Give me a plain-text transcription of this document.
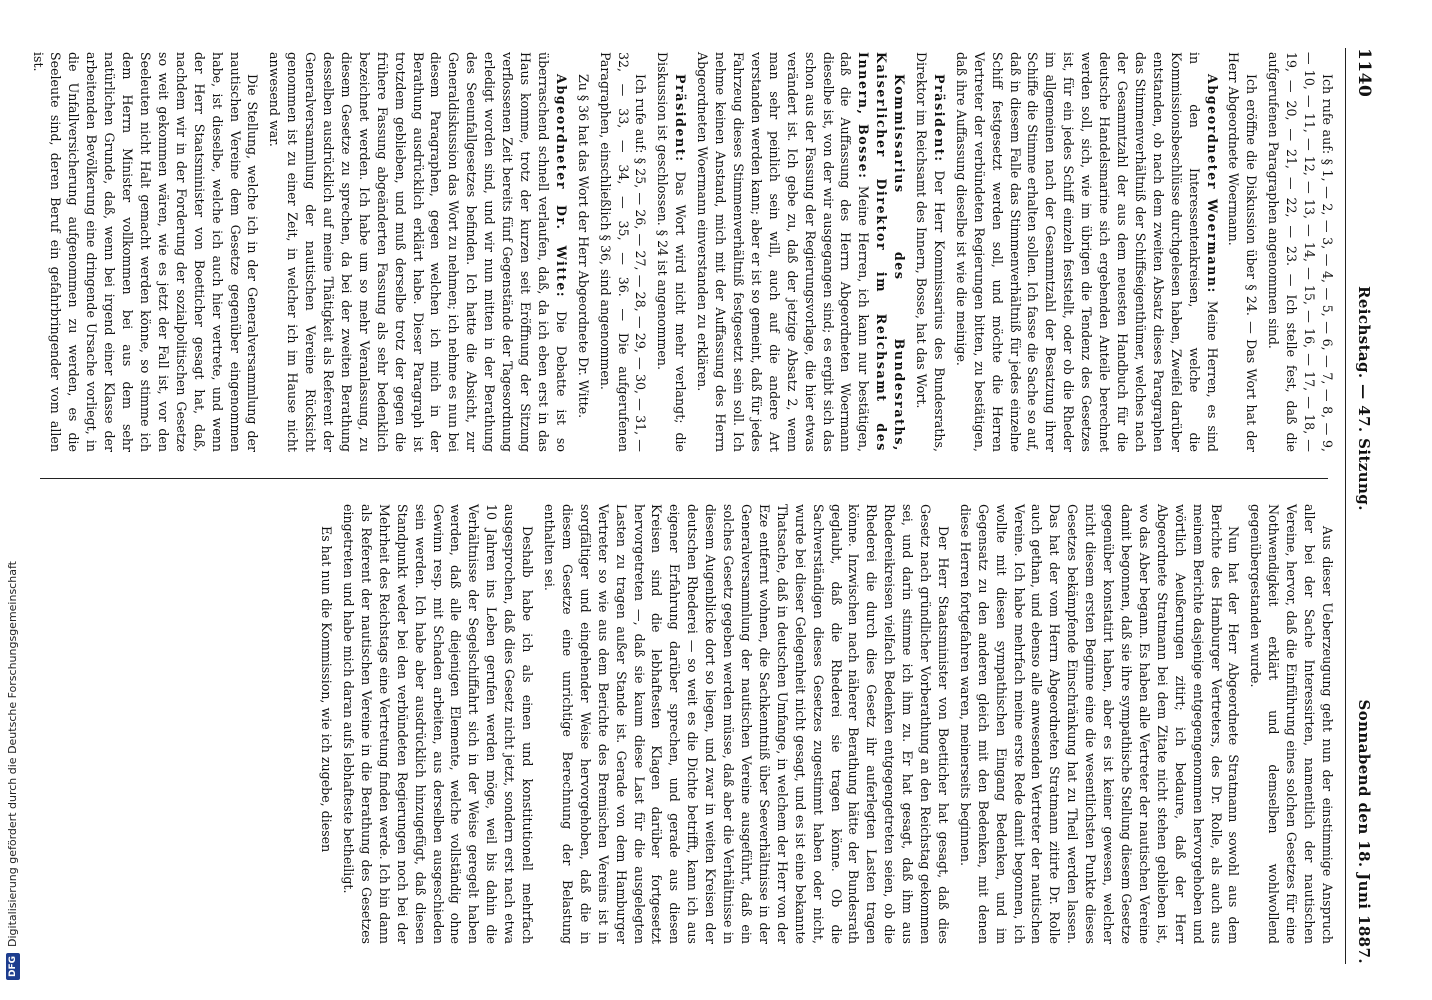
1140
Reichstag. — 47. Sitzung.
Sonnabend den 18. Juni 1887.

Ich rufe auf: § 1, — 2, — 3, — 4, — 5, — 6, — 7, — 8, — 9, — 10, — 11, — 12, — 13, — 14, — 15, — 16, — 17, — 18, — 19, — 20, — 21, — 22, — 23. — Ich stelle fest, daß die aufgerufenen Paragraphen angenommen sind.

Ich eröffne die Diskussion über § 24. — Das Wort hat der Herr Abgeordnete Woermann.

Abgeordneter Woermann: Meine Herren, es sind in den Interessentenkreisen, welche die Kommissionsbeschlüsse durchgelesen haben, Zweifel darüber entstanden, ob nach dem zweiten Absatz dieses Paragraphen das Stimmenverhältniß der Schiffseigenthümer, welches nach der Gesammtzahl der aus dem neuesten Handbuch für die deutsche Handelsmarine sich ergebenden Anteile berechnet werden soll, sich, wie im übrigen die Tendenz des Gesetzes ist, für ein jedes Schiff einzeln feststellt, oder ob die Rheder im allgemeinen nach der Gesammtzahl der Besatzung ihrer Schiffe die Stimme erhalten sollen. Ich fasse die Sache so auf, daß in diesem Falle das Stimmenverhältniß für jedes einzelne Schiff festgesetzt werden soll, und möchte die Herren Vertreter der verbündeten Regierungen bitten, zu bestätigen, daß ihre Auffassung dieselbe ist wie die meinige.

Präsident: Der Herr Kommissarius des Bundesraths, Direktor im Reichsamt des Innern, Bosse, hat das Wort.

Kommissarius des Bundesraths, Kaiserlicher Direktor im Reichsamt des Innern, Bosse: Meine Herren, ich kann nur bestätigen, daß die Auffassung des Herrn Abgeordneten Woermann dieselbe ist, von der wir ausgegangen sind; es ergibt sich das schon aus der Fassung der Regierungsvorlage, die hier etwas verändert ist. Ich gebe zu, daß der jetzige Absatz 2, wenn man sehr peinlich sein will, auch auf die andere Art verstanden werden kann; aber er ist so gemeint, daß für jedes Fahrzeug dieses Stimmenverhältniß festgesetzt sein soll. Ich nehme keinen Anstand, mich mit der Auffassung des Herrn Abgeordneten Woermann einverstanden zu erklären.

Präsident: Das Wort wird nicht mehr verlangt; die Diskussion ist geschlossen. § 24 ist angenommen.

Ich rufe auf: § 25, — 26, — 27, — 28, — 29, — 30, — 31, — 32, — 33, — 34, — 35, — 36. — Die aufgerufenen Paragraphen, einschließlich § 36, sind angenommen.

Zu § 36 hat das Wort der Herr Abgeordnete Dr. Witte.

Abgeordneter Dr. Witte: Die Debatte ist so überraschend schnell verlaufen, daß, da ich eben erst in das Haus komme, trotz der kurzen seit Eröffnung der Sitzung verflossenen Zeit bereits fünf Gegenstände der Tagesordnung erledigt worden sind, und wir nun mitten in der Berathung des Seeunfallgesetzes befinden. Ich hatte die Absicht, zur Generaldiskussion das Wort zu nehmen; ich nehme es nun bei diesem Paragraphen, gegen welchen ich mich in der Berathung ausdrücklich erklärt habe. Dieser Paragraph ist trotzdem geblieben, und muß derselbe trotz der gegen die frühere Fassung abgeänderten Fassung als sehr bedenklich bezeichnet werden. Ich habe um so mehr Veranlassung, zu diesem Gesetze zu sprechen, da bei der zweiten Berathung desselben ausdrücklich auf meine Thätigkeit als Referent der Generalversammlung der nautischen Vereine Rücksicht genommen ist zu einer Zeit, in welcher ich im Hause nicht anwesend war.

Die Stellung, welche ich in der Generalversammlung der nautischen Vereine dem Gesetze gegenüber eingenommen habe, ist dieselbe, welche ich auch hier vertrete, und wenn der Herr Staatsminister von Boetticher gesagt hat, daß, nachdem wir in der Forderung der sozialpolitischen Gesetze so weit gekommen wären, wie es jetzt der Fall ist, vor den Seeleuten nicht Halt gemacht werden könne, so stimme ich dem Herrn Minister vollkommen bei aus dem sehr natürlichen Grunde, daß, wenn bei irgend einer Klasse der arbeitenden Bevölkerung eine dringende Ursache vorliegt, in die Unfallversicherung aufgenommen zu werden, es die Seeleute sind, deren Beruf ein gefahrbringender vom allen ist.

Aus dieser Ueberzeugung geht nun der einstimmige Anspruch aller bei der Sache Interessirten, namentlich der nautischen Vereine, hervor, daß die Einführung eines solchen Gesetzes für eine Nothwendigkeit erklärt und demselben wohlwollend gegenübergestanden wurde.

Nun hat der Herr Abgeordnete Stratmann sowohl aus dem Berichte des Hamburger Vertreters, des Dr. Rolle, als auch aus meinem Berichte dasjenige entgegengenommen hervorgehoben und wörtlich Aeußerungen zitirt; ich bedaure, daß der Herr Abgeordnete Stratmann bei dem Zitate nicht stehen geblieben ist, wo das Aber begann. Es haben alle Vertreter der nautischen Vereine damit begonnen, daß sie ihre sympathische Stellung diesem Gesetze gegenüber konstatirt haben, aber es ist keiner gewesen, welcher nicht diesem ersten Beginne eine die wesentlichsten Punkte dieses Gesetzes bekämpfende Einschränkung hat zu Theil werden lassen. Das hat der vom Herrn Abgeordneten Stratmann zitirte Dr. Rolle auch gethan, und ebenso alle anwesenden Vertreter der nautischen Vereine. Ich habe mehrfach meine erste Rede damit begonnen, ich wollte mit diesen sympathischen Eingang Bedenken, und im Gegensatz zu den anderen gleich mit den Bedenken, mit denen diese Herren fortgefahren waren, meinerseits beginnen.

Der Herr Staatsminister von Boetticher hat gesagt, daß dies Gesetz nach gründlicher Vorberathung an den Reichstag gekommen sei, und darin stimme ich ihm zu. Er hat gesagt, daß ihm aus Rhedereikreisen vielfach Bedenken entgegengetreten seien, ob die Rhederei die durch dies Gesetz ihr auferlegten Lasten tragen könne. Inzwischen nach näherer Berathung hätte der Bundesrath geglaubt, daß die Rhederei sie tragen könne. Ob die Sachverständigen dieses Gesetzes zugestimmt haben oder nicht, wurde bei dieser Gelegenheit nicht gesagt, und es ist eine bekannte Thatsache, daß in deutschen Umfange, in welchem der Herr von der Eze entfernt wohnen, die Sachkenntniß über Seeverhältnisse in der Generalversammlung der nautischen Vereine ausgeführt, daß ein solches Gesetz gegeben werden müsse, daß aber die Verhältnisse in diesem Augenblicke dort so liegen, und zwar in weiten Kreisen der deutschen Rhederei — so weit es die Dichte betrifft, kann ich aus eigener Erfahrung darüber sprechen, und gerade aus diesen Kreisen sind die lebhaftesten Klagen darüber fortgesetzt hervorgetreten —, daß sie kaum diese Last für die ausgelegten Lasten zu tragen außer Stande ist. Gerade von dem Hamburger Vertreter so wie aus dem Berichte des Bremischen Vereins ist in sorgfältiger und eingehender Weise hervorgehoben, daß die in diesem Gesetze eine unrichtige Berechnung der Belastung enthalten sei.

Deshalb habe ich als einen und konstitutionell mehrfach ausgesprochen, daß dies Gesetz nicht jetzt, sondern erst nach etwa 10 Jahren ins Leben gerufen werden möge, weil bis dahin die Verhältnisse der Segelschiffahrt sich in der Weise geregelt haben werden, daß alle diejenigen Elemente, welche vollständig ohne Gewinn resp. mit Schaden arbeiten, aus derselben ausgeschieden sein werden. Ich habe aber ausdrücklich hinzugefügt, daß diesen Standpunkt weder bei den verbündeten Regierungen noch bei der Mehrheit des Reichstags eine Vertretung finden werde. Ich bin dann als Referent der nautischen Vereine in die Berathung des Gesetzes eingetreten und habe mich daran aufs lebhafteste betheiligt.

Es hat nun die Kommission, wie ich zugebe, diesen

DFG
Digitalisierung gefördert durch die Deutsche Forschungsgemeinschaft
